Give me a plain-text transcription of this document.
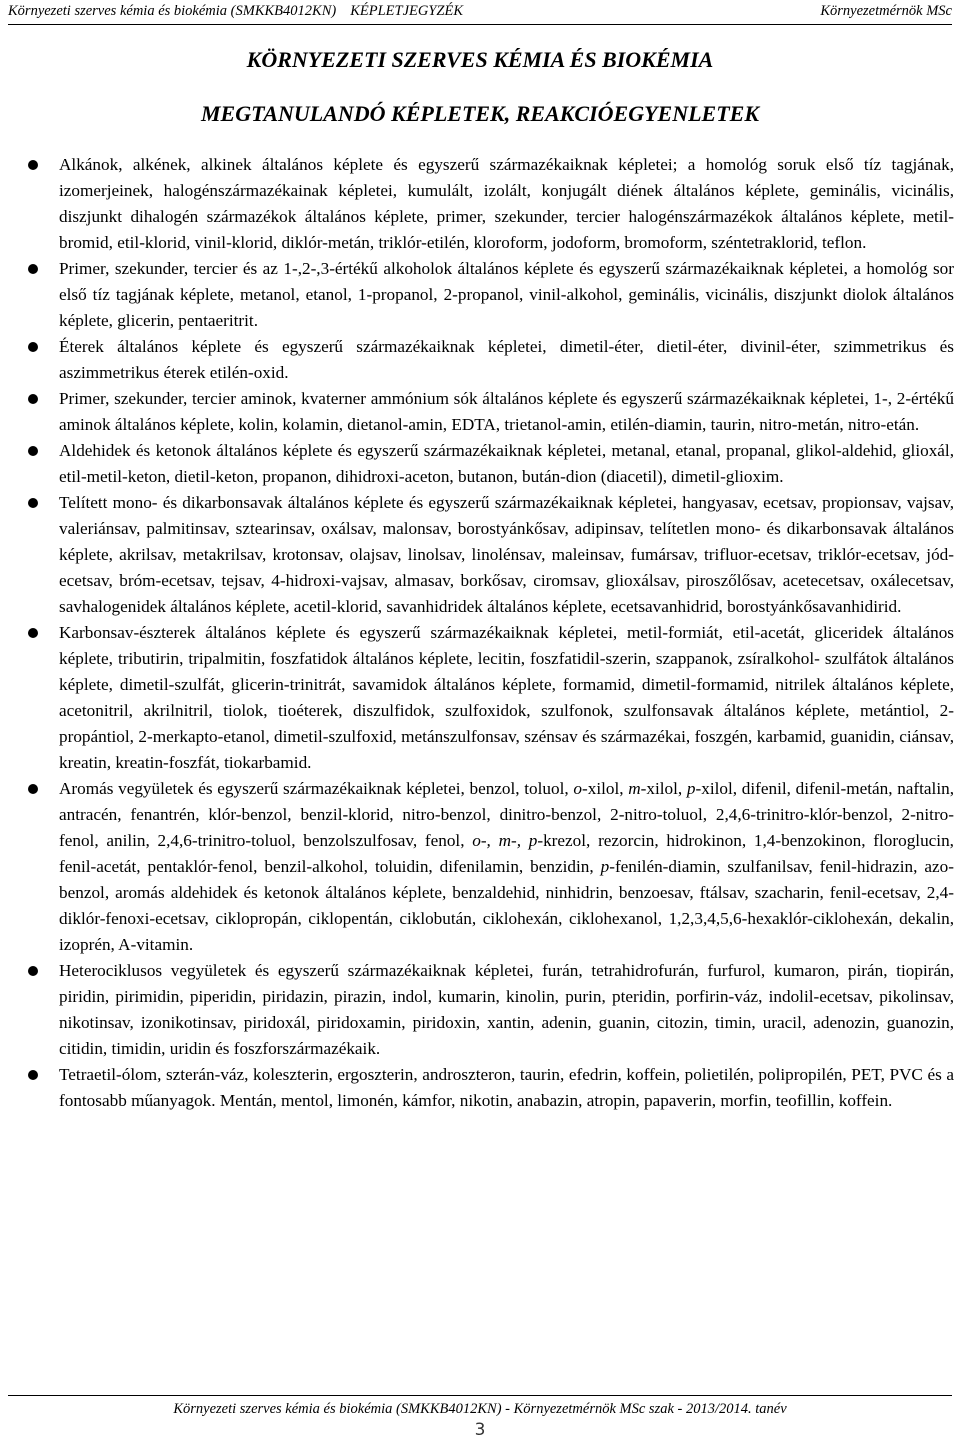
Környezeti szerves kémia és biokémia (SMKKB4012KN) KÉPLETJEGYZÉK	Környezetmérnök MSc
KÖRNYEZETI SZERVES KÉMIA ÉS BIOKÉMIA
MEGTANULANDÓ KÉPLETEK, REAKCIÓEGYENLETEK
Alkánok, alkének, alkinek általános képlete és egyszerű származékaiknak képletei; a homológ soruk első tíz tagjának, izomerjeinek, halogénszármazékainak képletei, kumulált, izolált, konjugált diének általános képlete, geminális, vicinális, diszjunkt dihalogén származékok általános képlete, primer, szekunder, tercier halogénszármazékok általános képlete, metil-bromid, etil-klorid, vinil-klorid, diklór-metán, triklór-etilén, kloroform, jodoform, bromoform, széntetraklorid, teflon.
Primer, szekunder, tercier és az 1-,2-,3-értékű alkoholok általános képlete és egyszerű származékaiknak képletei, a homológ sor első tíz tagjának képlete, metanol, etanol, 1-propanol, 2-propanol, vinil-alkohol, geminális, vicinális, diszjunkt diolok általános képlete, glicerin, pentaeritrit.
Éterek általános képlete és egyszerű származékaiknak képletei, dimetil-éter, dietil-éter, divinil-éter, szimmetrikus és aszimmetrikus éterek etilén-oxid.
Primer, szekunder, tercier aminok, kvaterner ammónium sók általános képlete és egyszerű származékaiknak képletei, 1-, 2-értékű aminok általános képlete, kolin, kolamin, dietanol-amin, EDTA, trietanol-amin, etilén-diamin, taurin, nitro-metán, nitro-etán.
Aldehidek és ketonok általános képlete és egyszerű származékaiknak képletei, metanal, etanal, propanal, glikol-aldehid, glioxál, etil-metil-keton, dietil-keton, propanon, dihidroxi-aceton, butanon, bután-dion (diacetil), dimetil-glioxim.
Telített mono- és dikarbonsavak általános képlete és egyszerű származékaiknak képletei, hangyasav, ecetsav, propionsav, vajsav, valeriánsav, palmitinsav, sztearinsav, oxálsav, malonsav, borostyánkősav, adipinsav, telítetlen mono- és dikarbonsavak általános képlete, akrilsav, metakrilsav, krotonsav, olajsav, linolsav, linolénsav, maleinsav, fumársav, trifluor-ecetsav, triklór-ecetsav, jód-ecetsav, bróm-ecetsav, tejsav, 4-hidroxi-vajsav, almasav, borkősav, ciromsav, glioxálsav, piroszőlősav, acetecetsav, oxálecetsav, savhalogenidek általános képlete, acetil-klorid, savanhidridek általános képlete, ecetsavanhidrid, borostyánkősavanhidirid.
Karbonsav-észterek általános képlete és egyszerű származékaiknak képletei, metil-formiát, etil-acetát, gliceridek általános képlete, tributirin, tripalmitin, foszfatidok általános képlete, lecitin, foszfatidil-szerin, szappanok, zsíralkohol- szulfátok általános képlete, dimetil-szulfát, glicerin-trinitrát, savamidok általános képlete, formamid, dimetil-formamid, nitrilek általános képlete, acetonitril, akrilnitril, tiolok, tioéterek, diszulfidok, szulfoxidok, szulfonok, szulfonsavak általános képlete, metántiol, 2-propántiol, 2-merkapto-etanol, dimetil-szulfoxid, metánszulfonsav, szénsav és származékai, foszgén, karbamid, guanidin, ciánsav, kreatin, kreatin-foszfát, tiokarbamid.
Aromás vegyületek és egyszerű származékaiknak képletei, benzol, toluol, o-xilol, m-xilol, p-xilol, difenil, difenil-metán, naftalin, antracén, fenantrén, klór-benzol, benzil-klorid, nitro-benzol, dinitro-benzol, 2-nitro-toluol, 2,4,6-trinitro-klór-benzol, 2-nitro-fenol, anilin, 2,4,6-trinitro-toluol, benzolszulfosav, fenol, o-, m-, p-krezol, rezorcin, hidrokinon, 1,4-benzokinon, floroglucin, fenil-acetát, pentaklór-fenol, benzil-alkohol, toluidin, difenilamin, benzidin, p-fenilén-diamin, szulfanilsav, fenil-hidrazin, azo-benzol, aromás aldehidek és ketonok általános képlete, benzaldehid, ninhidrin, benzoesav, ftálsav, szacharin, fenil-ecetsav, 2,4-diklór-fenoxi-ecetsav, ciklopropán, ciklopentán, ciklobután, ciklohexán, ciklohexanol, 1,2,3,4,5,6-hexaklór-ciklohexán, dekalin, izoprén, A-vitamin.
Heterociklusos vegyületek és egyszerű származékaiknak képletei, furán, tetrahidrofurán, furfurol, kumaron, pirán, tiopirán, piridin, pirimidin, piperidin, piridazin, pirazin, indol, kumarin, kinolin, purin, pteridin, porfirin-váz, indolil-ecetsav, pikolinsav, nikotinsav, izonikotinsav, piridoxál, piridoxamin, piridoxin, xantin, adenin, guanin, citozin, timin, uracil, adenozin, guanozin, citidin, timidin, uridin és foszforszármazékaik.
Tetraetil-ólom, szterán-váz, koleszterin, ergoszterin, androszteron, taurin, efedrin, koffein, polietilén, polipropilén, PET, PVC és a fontosabb műanyagok. Mentán, mentol, limonén, kámfor, nikotin, anabazin, atropin, papaverin, morfin, teofillin, koffein.
Környezeti szerves kémia és biokémia (SMKKB4012KN) - Környezetmérnök MSc szak - 2013/2014. tanév
3
